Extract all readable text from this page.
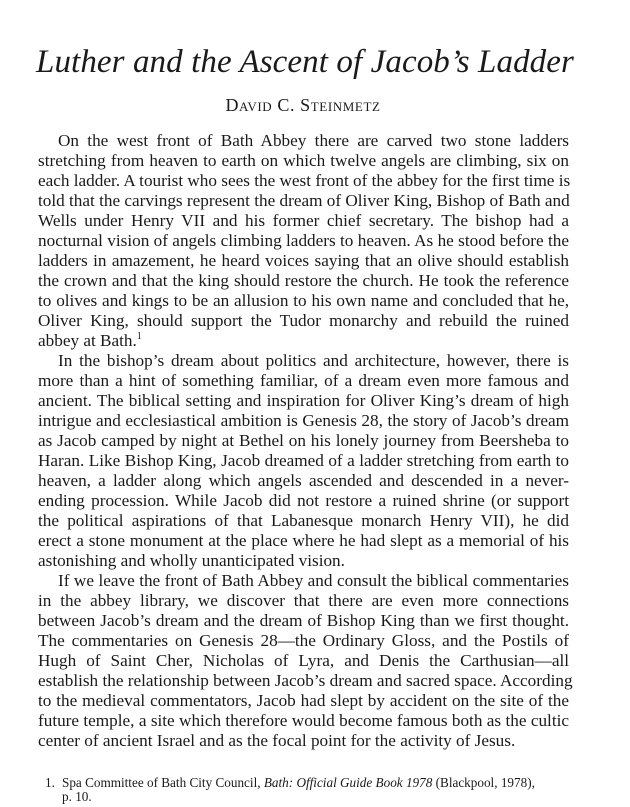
Luther and the Ascent of Jacob’s Ladder
David C. Steinmetz
On the west front of Bath Abbey there are carved two stone ladders
stretching from heaven to earth on which twelve angels are climbing, six on
each ladder. A tourist who sees the west front of the abbey for the first time is
told that the carvings represent the dream of Oliver King, Bishop of Bath and
Wells under Henry VII and his former chief secretary. The bishop had a
nocturnal vision of angels climbing ladders to heaven. As he stood before the
ladders in amazement, he heard voices saying that an olive should establish
the crown and that the king should restore the church. He took the reference
to olives and kings to be an allusion to his own name and concluded that he,
Oliver King, should support the Tudor monarchy and rebuild the ruined
abbey at Bath.$^1$
In the bishop’s dream about politics and architecture, however, there is
more than a hint of something familiar, of a dream even more famous and
ancient. The biblical setting and inspiration for Oliver King’s dream of high
intrigue and ecclesiastical ambition is Genesis 28, the story of Jacob’s dream
as Jacob camped by night at Bethel on his lonely journey from Beersheba to
Haran. Like Bishop King, Jacob dreamed of a ladder stretching from earth to
heaven, a ladder along which angels ascended and descended in a never-
ending procession. While Jacob did not restore a ruined shrine (or support
the political aspirations of that Labanesque monarch Henry VII), he did
erect a stone monument at the place where he had slept as a memorial of his
astonishing and wholly unanticipated vision.
If we leave the front of Bath Abbey and consult the biblical commentaries
in the abbey library, we discover that there are even more connections
between Jacob’s dream and the dream of Bishop King than we first thought.
The commentaries on Genesis 28—the Ordinary Gloss, and the Postils of
Hugh of Saint Cher, Nicholas of Lyra, and Denis the Carthusian—all
establish the relationship between Jacob’s dream and sacred space. According
to the medieval commentators, Jacob had slept by accident on the site of the
future temple, a site which therefore would become famous both as the cultic
center of ancient Israel and as the focal point for the activity of Jesus.
1. Spa Committee of Bath City Council, Bath: Official Guide Book 1978 (Blackpool, 1978),
p. 10.
